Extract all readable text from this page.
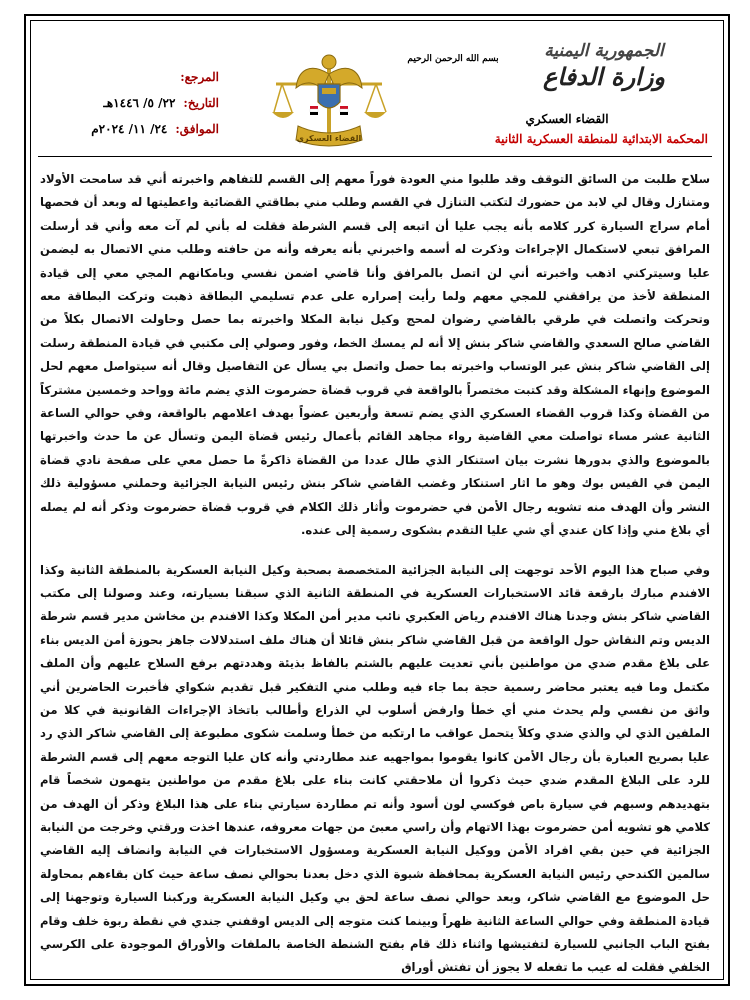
الجمهورية اليمنية
وزارة الدفاع
القضاء العسكري
المحكمة الابتدائية للمنطقة العسكرية الثانية
بسم الله الرحمن الرحيم
القضاء العسكري
المرجع:
التاريخ:
٢٢/ ٥/ ١٤٤٦هـ
الموافق:
٢٤/ ١١/ ٢٠٢٤م

سلاح طلبت من السائق التوقف وقد طلبوا مني العودة فوراً معهم إلى القسم للتفاهم واخبرته أني قد سامحت الأولاد ومتنازل وقال لي لابد من حضورك لتكتب التنازل في القسم وطلب مني بطاقتي القضائية واعطيتها له وبعد أن فحصها أمام سراج السيارة كرر كلامه بأنه يجب عليا أن اتبعه إلى قسم الشرطة فقلت له بأني لم آت معه وأني قد أرسلت المرافق تبعي لاستكمال الإجراءات وذكرت له أسمه واخبرني بأنه يعرفه وأنه من حافته وطلب مني الاتصال به ليضمن عليا وسيتركني اذهب واخبرته أني لن اتصل بالمرافق وأنا قاضي اضمن نفسي وبامكانهم المجي معي إلى قيادة المنطقة لأخذ من يرافقني للمجي معهم ولما رأيت إصراره على عدم تسليمي البطاقة ذهبت وتركت البطاقة معه وتحركت واتصلت في طرقي بالقاضي رضوان لمحج وكيل نيابة المكلا واخبرته بما حصل وحاولت الاتصال بكلاً من القاضي صالح السعدي والقاضي شاكر بنش إلا أنه لم يمسك الخط، وفور وصولي إلى مكتبي في قيادة المنطقة رسلت إلى القاضي شاكر بنش عبر الوتساب واخبرته بما حصل واتصل بي يسأل عن التفاصيل وقال أنه سيتواصل معهم لحل الموضوع وإنهاء المشكلة وقد كتبت مختصراً بالواقعة في قروب قضاة حضرموت الذي يضم مائة وواحد وخمسين مشتركاً من القضاة وكذا قروب القضاء العسكري الذي يضم تسعة وأربعين عضواً بهدف اعلامهم بالواقعة، وفي حوالي الساعة الثانية عشر مساء تواصلت معي القاضية رواء مجاهد القائم بأعمال رئيس قضاة اليمن وتسأل عن ما حدث واخبرتها بالموضوع والذي بدورها نشرت بيان استنكار الذي طال عددا من القضاة ذاكرةً ما حصل معي على صفحة نادي قضاة اليمن في الفيس بوك وهو ما اثار استنكار وغضب القاضي شاكر بنش رئيس النيابة الجزائية وحملني مسؤولية ذلك النشر وأن الهدف منه تشويه رجال الأمن في حضرموت وأثار ذلك الكلام في قروب قضاة حضرموت وذكر أنه لم يصله أي بلاغ مني وإذا كان عندي أي شي عليا التقدم بشكوى رسمية إلى عنده.

وفي صباح هذا اليوم الأحد توجهت إلى النيابة الجزائية المتخصصة بصحبة وكيل النيابة العسكرية بالمنطقة الثانية وكذا الافندم مبارك بارقعة قائد الاستخبارات العسكرية في المنطقة الثانية الذي سبقنا بسيارته، وعند وصولنا إلى مكتب القاضي شاكر بنش وجدنا هناك الافندم رياض العكبري نائب مدير أمن المكلا وكذا الافندم بن مخاشن مدير قسم شرطة الديس وتم النقاش حول الواقعة من قبل القاضي شاكر بنش قائلا أن هناك ملف استدلالات جاهز بحوزة أمن الديس بناء على بلاغ مقدم ضدي من مواطنين بأني تعديت عليهم بالشتم بالفاظ بذيئة وهددتهم برفع السلاح عليهم وأن الملف مكتمل وما فيه يعتبر محاضر رسمية حجة بما جاء فيه وطلب مني التفكير قبل تقديم شكواي فأخبرت الحاضرين أني واثق من نفسي ولم يحدث مني أي خطأ وارفض أسلوب لي الذراع وأطالب باتخاذ الإجراءات القانونية في كلا من الملفين الذي لي والذي ضدي وكلاً يتحمل عواقب ما ارتكبه من خطأ وسلمت شكوى مطبوعة إلى القاضي شاكر الذي رد عليا بصريح العبارة بأن رجال الأمن كانوا يقوموا بمواجهيه عند مطاردتي وأنه كان عليا التوجه معهم إلى قسم الشرطة للرد على البلاغ المقدم ضدي حيث ذكروا أن ملاحقتي كانت بناء على بلاغ مقدم من مواطنين يتهمون شخصاً قام بتهديدهم وسبهم في سيارة باص فوكسي لون أسود وأنه تم مطاردة سيارتي بناء على هذا البلاغ وذكر أن الهدف من كلامي هو تشويه أمن حضرموت بهذا الاتهام وأن راسي معبئ من جهات معروفه، عندها اخذت ورقتي وخرجت من النيابة الجزائية في حين بقي افراد الأمن ووكيل النيابة العسكرية ومسؤول الاستخبارات في النيابة وانضاف إليه القاضي سالمين الكندحي رئيس النيابة العسكرية بمحافظة شبوة الذي دخل بعدنا بحوالي نصف ساعة حيث كان بقاءهم بمحاولة حل الموضوع مع القاضي شاكر، وبعد حوالي نصف ساعة لحق بي وكيل النيابة العسكرية وركبنا السيارة وتوجهنا إلى قيادة المنطقة وفي حوالي الساعة الثانية ظهراً وبينما كنت متوجه إلى الديس اوقفني جندي في نقطة ربوة خلف وقام بفتح الباب الجانبي للسيارة لتفتيشها واثناء ذلك قام بفتح الشنطة الخاصة بالملفات والأوراق الموجودة على الكرسي الخلفي فقلت له عيب ما تفعله لا يجوز أن تفتش أوراق
